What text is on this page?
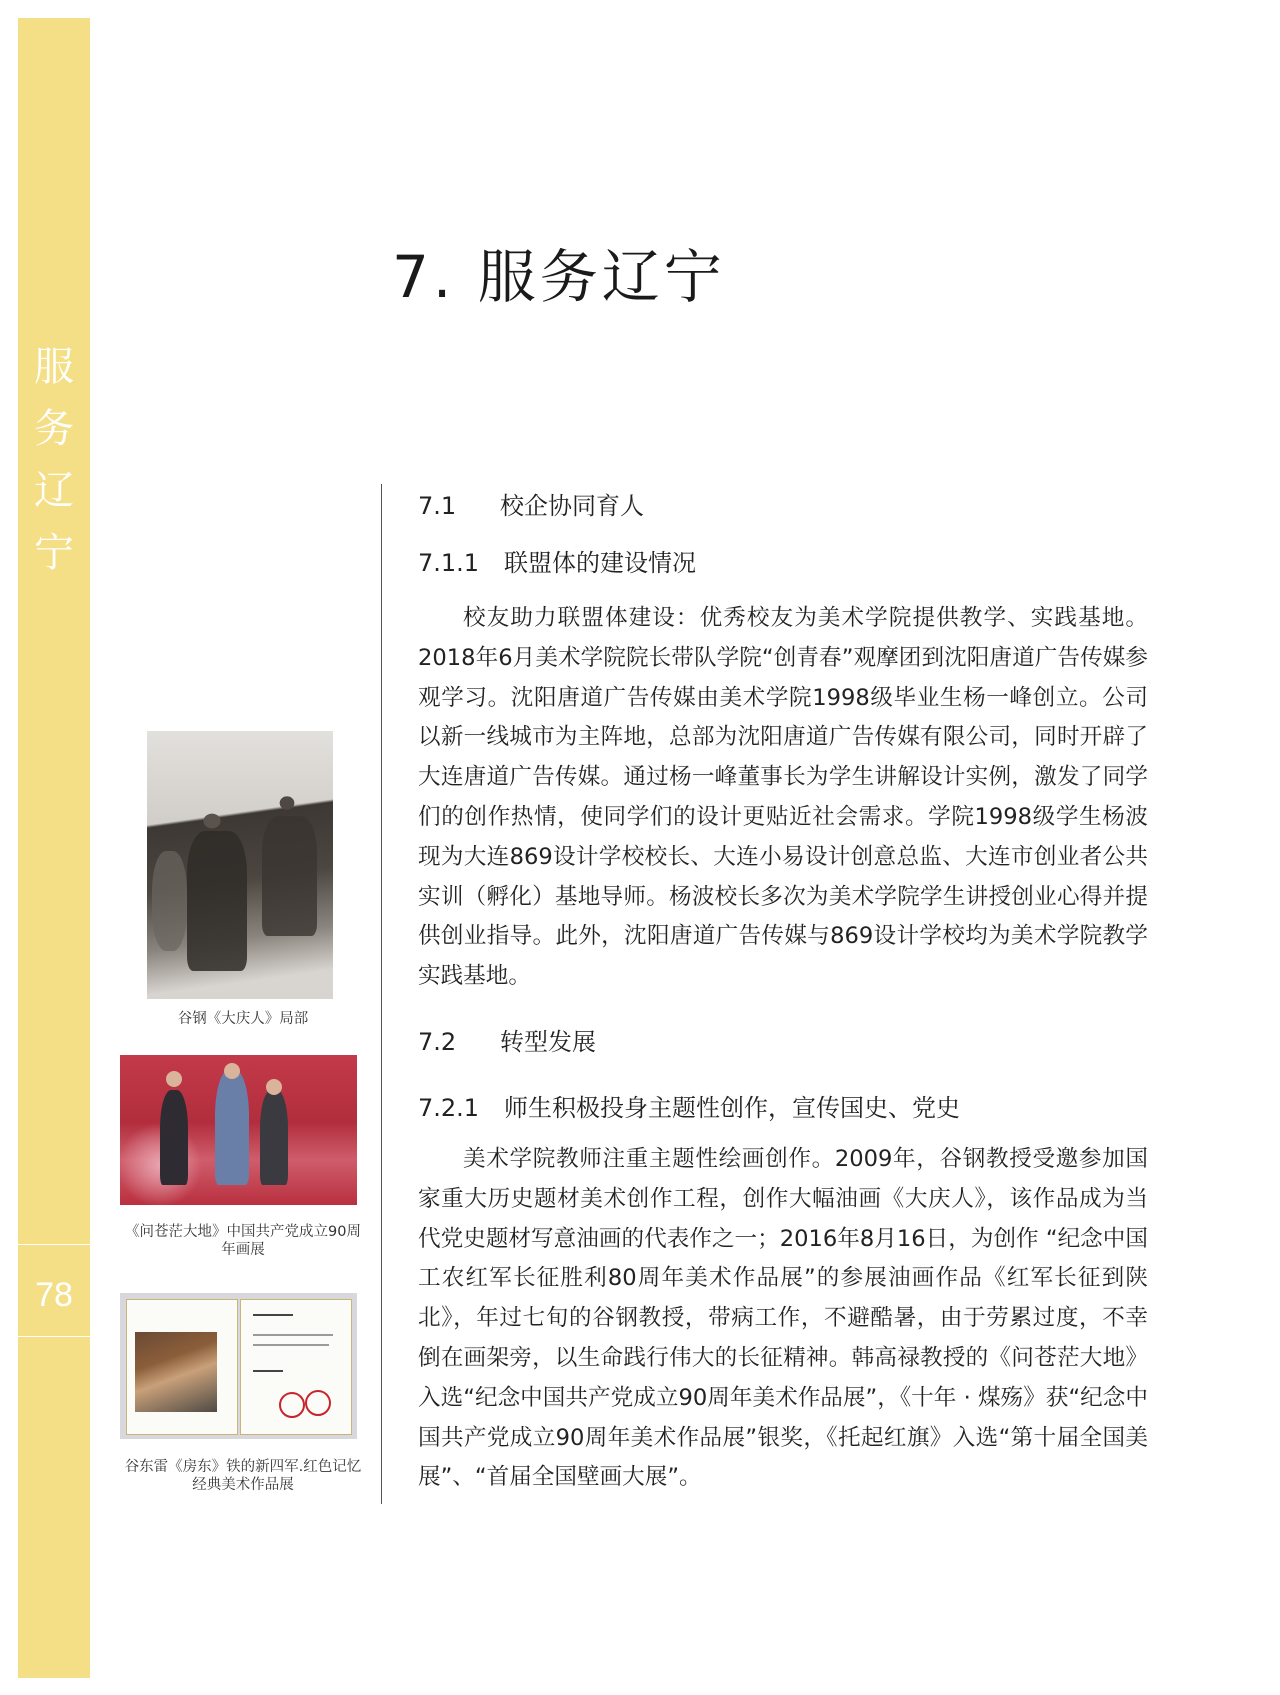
服
务
辽
宁
78
7. 服务辽宁
7.1 校企协同育人
7.1.1 联盟体的建设情况

校友助力联盟体建设：优秀校友为美术学院提供教学、实践基地。2018年6月美术学院院长带队学院“创青春”观摩团到沈阳唐道广告传媒参观学习。沈阳唐道广告传媒由美术学院1998级毕业生杨一峰创立。公司以新一线城市为主阵地，总部为沈阳唐道广告传媒有限公司，同时开辟了大连唐道广告传媒。通过杨一峰董事长为学生讲解设计实例，激发了同学们的创作热情，使同学们的设计更贴近社会需求。学院1998级学生杨波现为大连869设计学校校长、大连小易设计创意总监、大连市创业者公共实训（孵化）基地导师。杨波校长多次为美术学院学生讲授创业心得并提供创业指导。此外，沈阳唐道广告传媒与869设计学校均为美术学院教学实践基地。

7.2 转型发展
7.2.1 师生积极投身主题性创作，宣传国史、党史

美术学院教师注重主题性绘画创作。2009年，谷钢教授受邀参加国家重大历史题材美术创作工程，创作大幅油画《大庆人》，该作品成为当代党史题材写意油画的代表作之一；2016年8月16日，为创作 “纪念中国工农红军长征胜利80周年美术作品展”的参展油画作品《红军长征到陕北》，年过七旬的谷钢教授，带病工作，不避酷暑，由于劳累过度，不幸倒在画架旁，以生命践行伟大的长征精神。韩高禄教授的《问苍茫大地》入选“纪念中国共产党成立90周年美术作品展”，《十年 · 煤殇》获“纪念中国共产党成立90周年美术作品展”银奖，《托起红旗》入选“第十届全国美展”、“首届全国壁画大展”。

谷钢《大庆人》局部
《问苍茫大地》中国共产党成立90周年画展
谷东雷《房东》铁的新四军.红色记忆经典美术作品展
